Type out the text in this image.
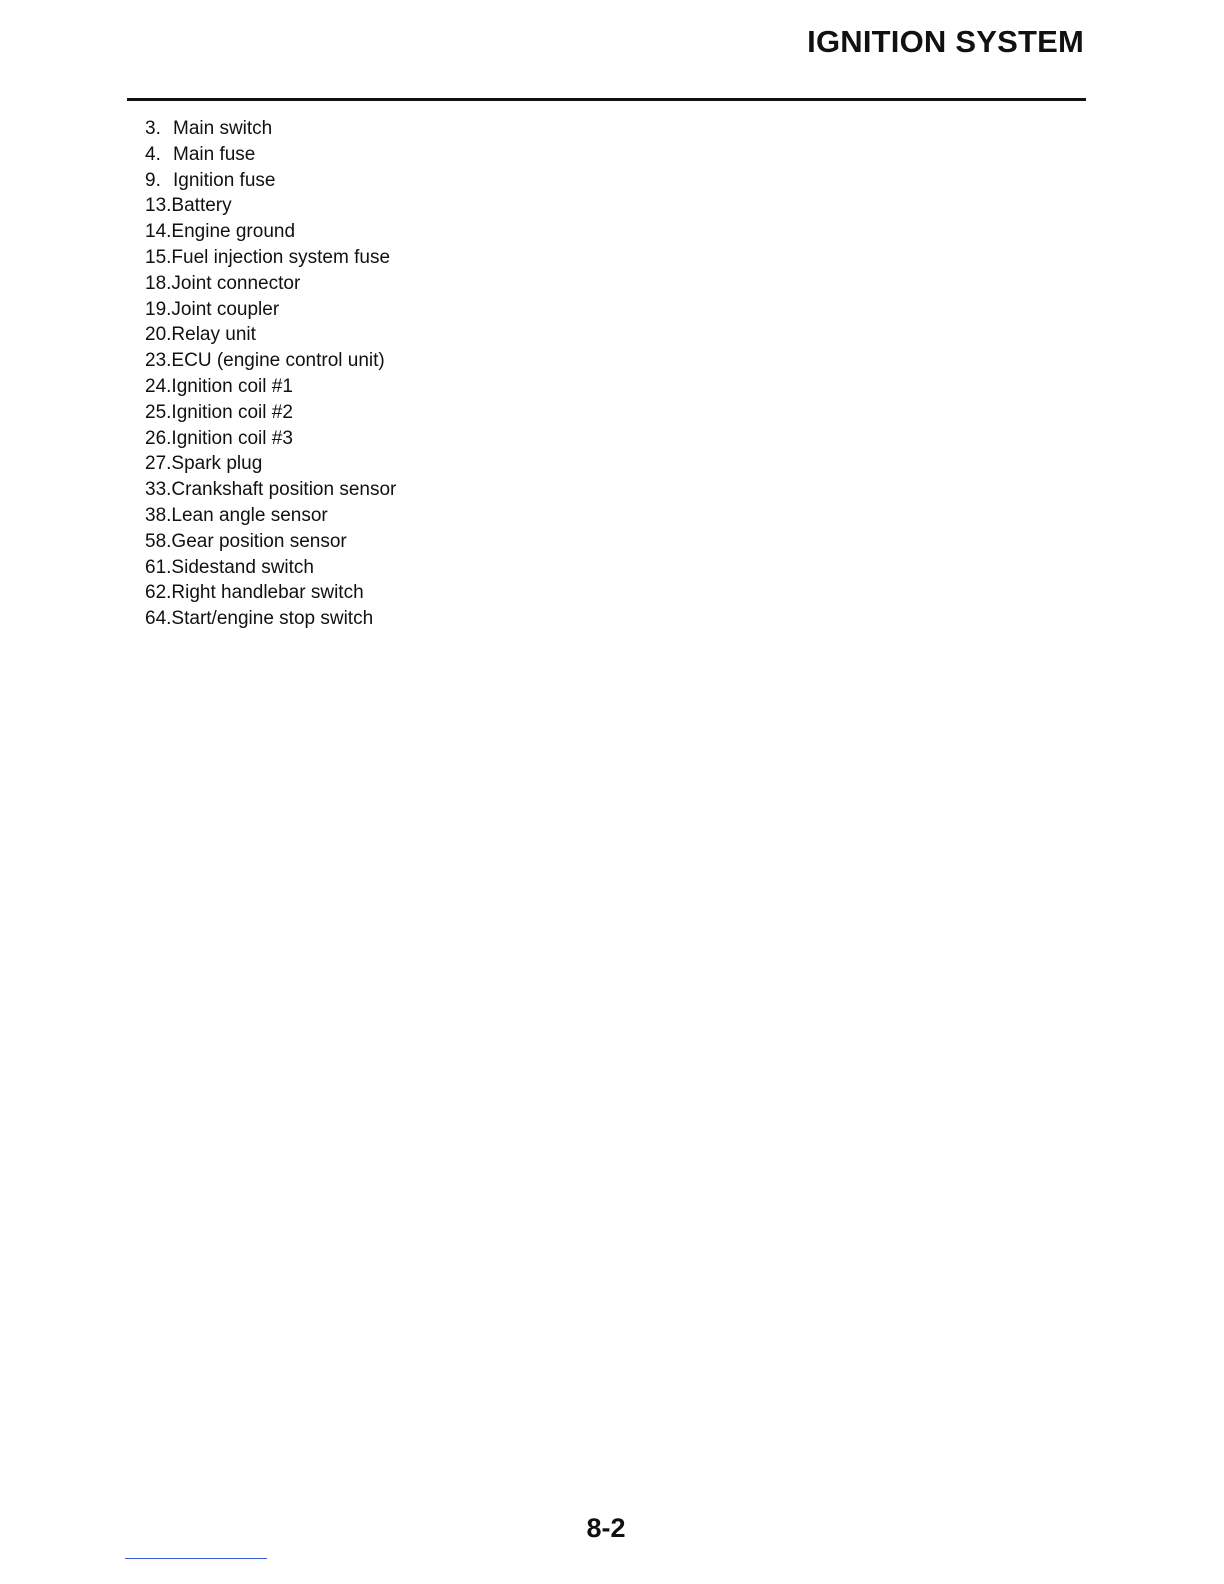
IGNITION SYSTEM
3. Main switch
4. Main fuse
9. Ignition fuse
13. Battery
14. Engine ground
15. Fuel injection system fuse
18. Joint connector
19. Joint coupler
20. Relay unit
23. ECU (engine control unit)
24. Ignition coil #1
25. Ignition coil #2
26. Ignition coil #3
27. Spark plug
33. Crankshaft position sensor
38. Lean angle sensor
58. Gear position sensor
61. Sidestand switch
62. Right handlebar switch
64. Start/engine stop switch
8-2
